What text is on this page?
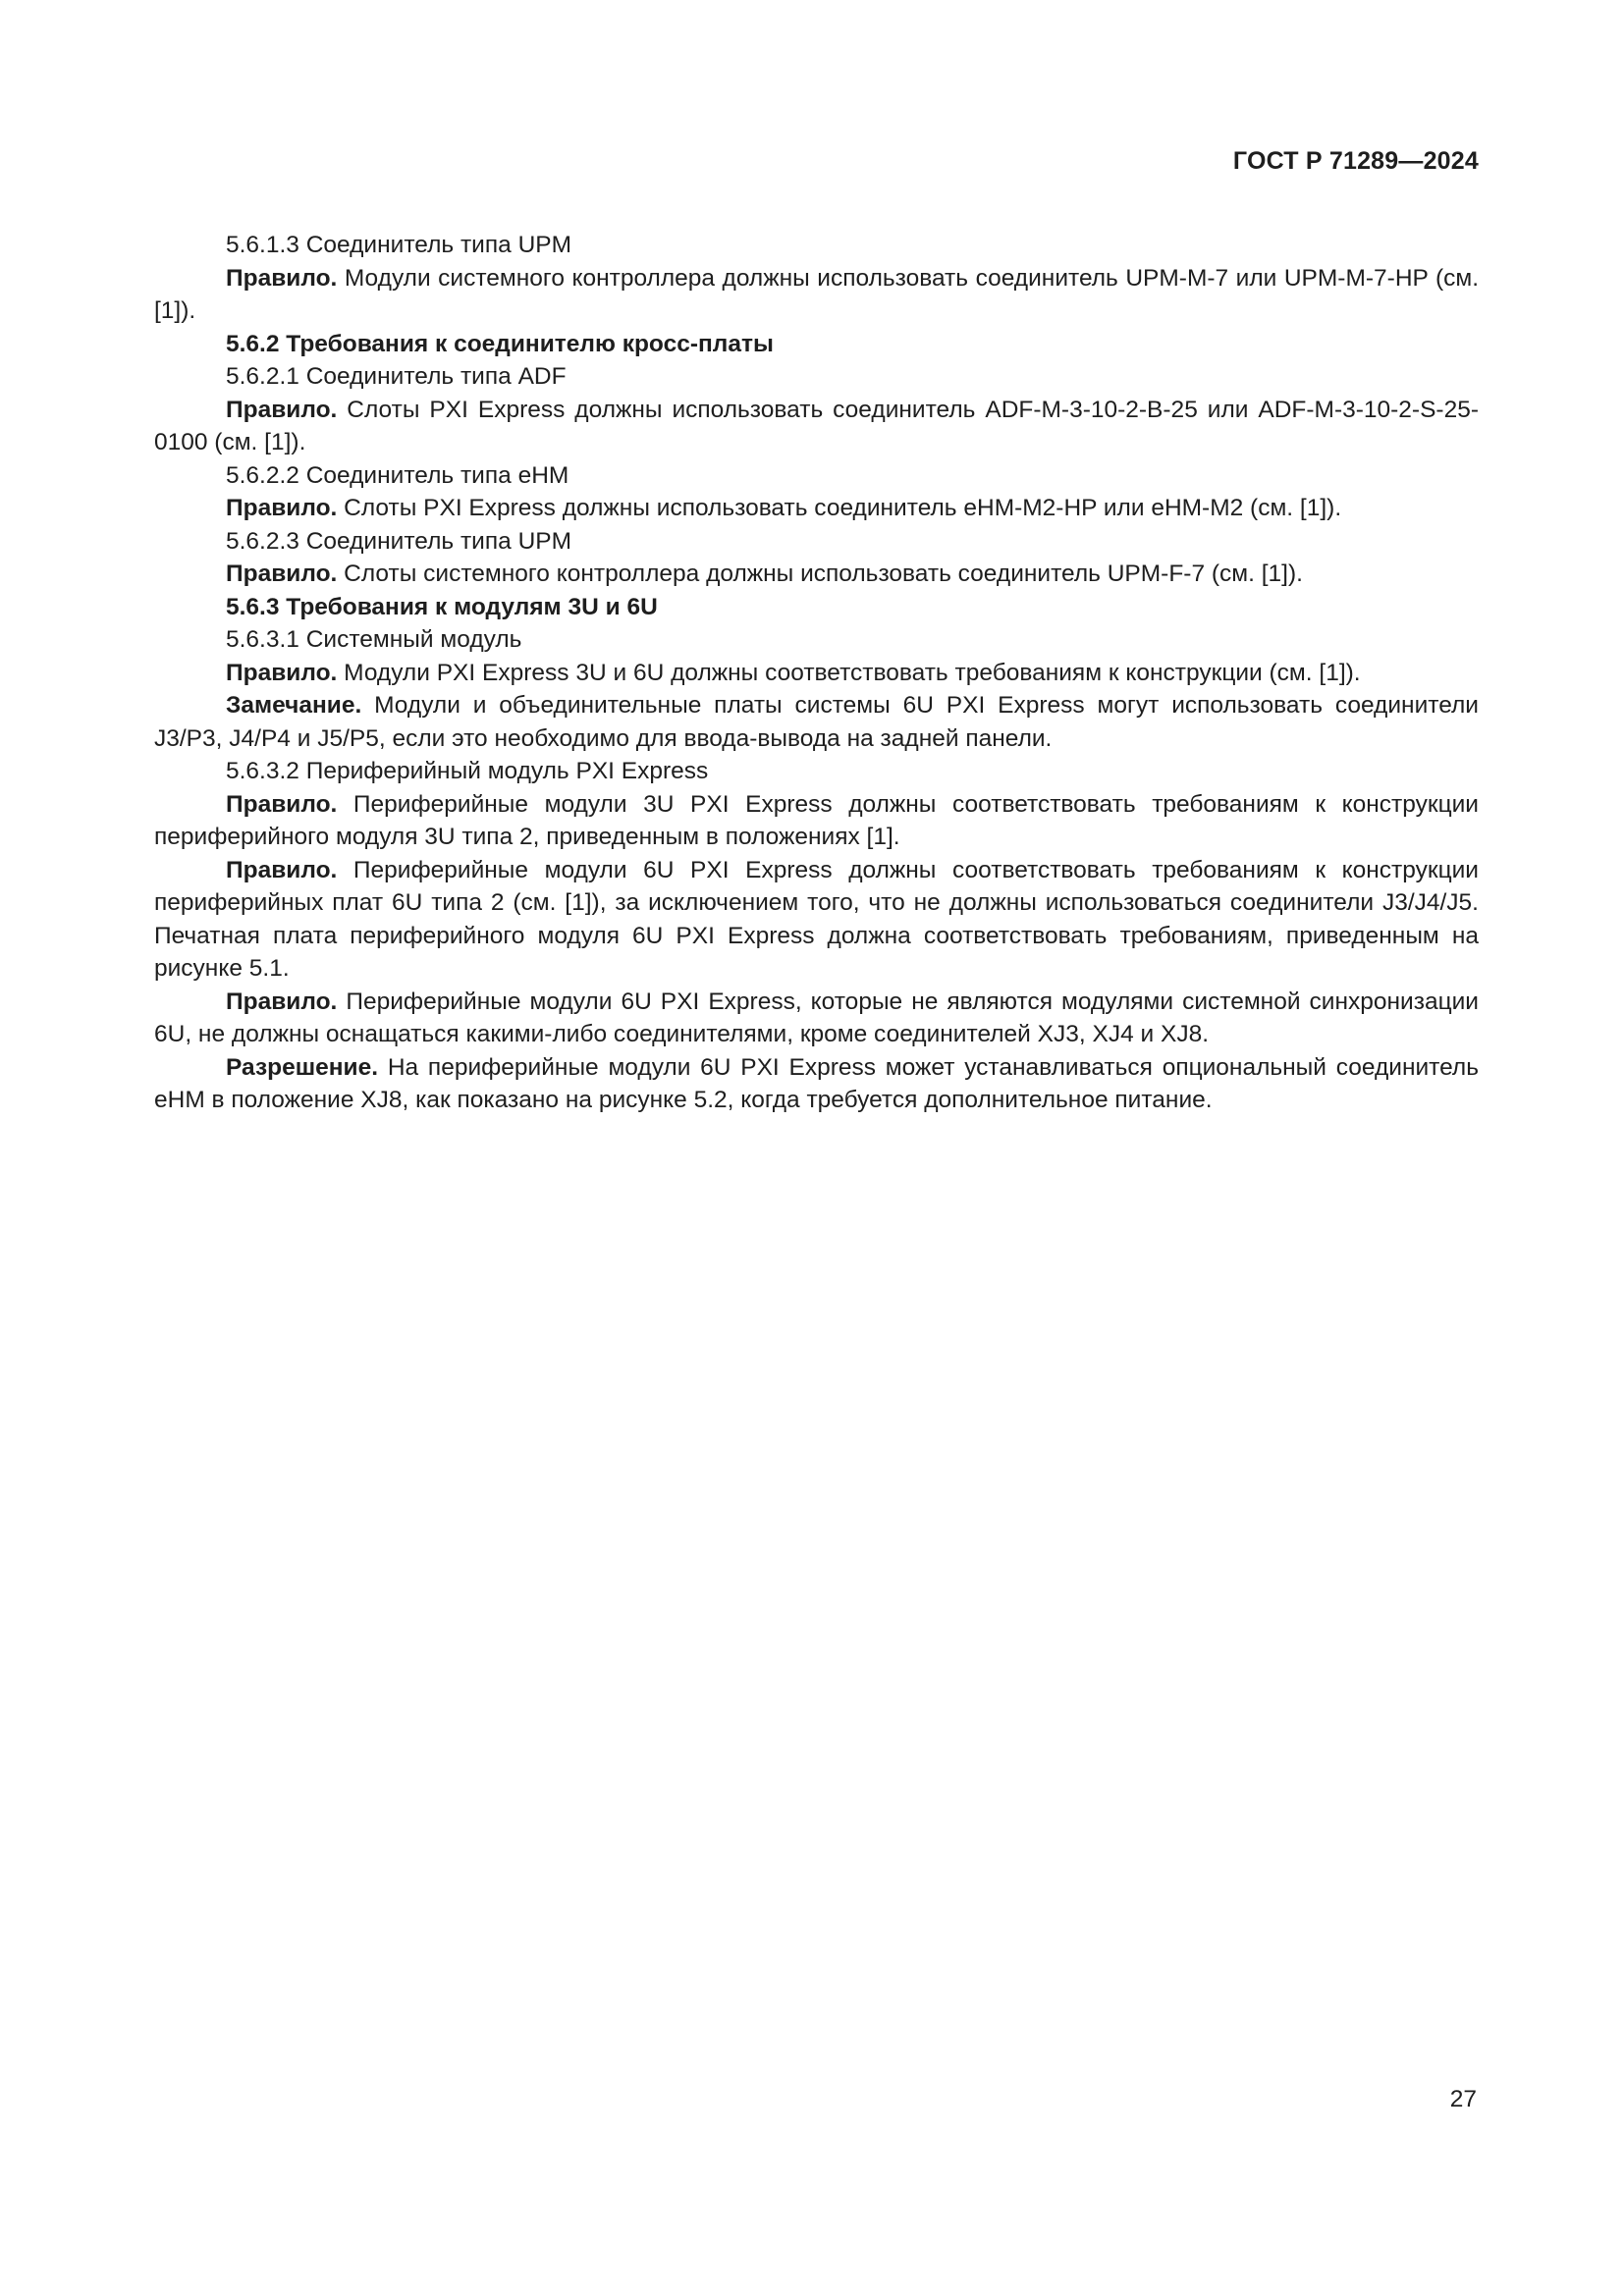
ГОСТ Р 71289—2024

5.6.1.3 Соединитель типа UPM

Правило. Модули системного контроллера должны использовать соединитель UPM-M-7 или UPM-M-7-HP (см. [1]).

5.6.2 Требования к соединителю кросс-платы

5.6.2.1 Соединитель типа ADF

Правило. Слоты PXI Express должны использовать соединитель ADF-M-3-10-2-B-25 или ADF-M-3-10-2-S-25-0100 (см. [1]).

5.6.2.2 Соединитель типа eHM

Правило. Слоты PXI Express должны использовать соединитель eHM-M2-HP или eHM-M2 (см. [1]).

5.6.2.3 Соединитель типа UPM

Правило. Слоты системного контроллера должны использовать соединитель UPM-F-7 (см. [1]).

5.6.3 Требования к модулям 3U и 6U

5.6.3.1 Системный модуль

Правило. Модули PXI Express 3U и 6U должны соответствовать требованиям к конструкции (см. [1]).

Замечание. Модули и объединительные платы системы 6U PXI Express могут использовать соединители J3/P3, J4/P4 и J5/P5, если это необходимо для ввода-вывода на задней панели.

5.6.3.2 Периферийный модуль PXI Express

Правило. Периферийные модули 3U PXI Express должны соответствовать требованиям к конструкции периферийного модуля 3U типа 2, приведенным в положениях [1].

Правило. Периферийные модули 6U PXI Express должны соответствовать требованиям к конструкции периферийных плат 6U типа 2 (см. [1]), за исключением того, что не должны использоваться соединители J3/J4/J5. Печатная плата периферийного модуля 6U PXI Express должна соответствовать требованиям, приведенным на рисунке 5.1.

Правило. Периферийные модули 6U PXI Express, которые не являются модулями системной синхронизации 6U, не должны оснащаться какими-либо соединителями, кроме соединителей XJ3, XJ4 и XJ8.

Разрешение. На периферийные модули 6U PXI Express может устанавливаться опциональный соединитель eHM в положение XJ8, как показано на рисунке 5.2, когда требуется дополнительное питание.

27
